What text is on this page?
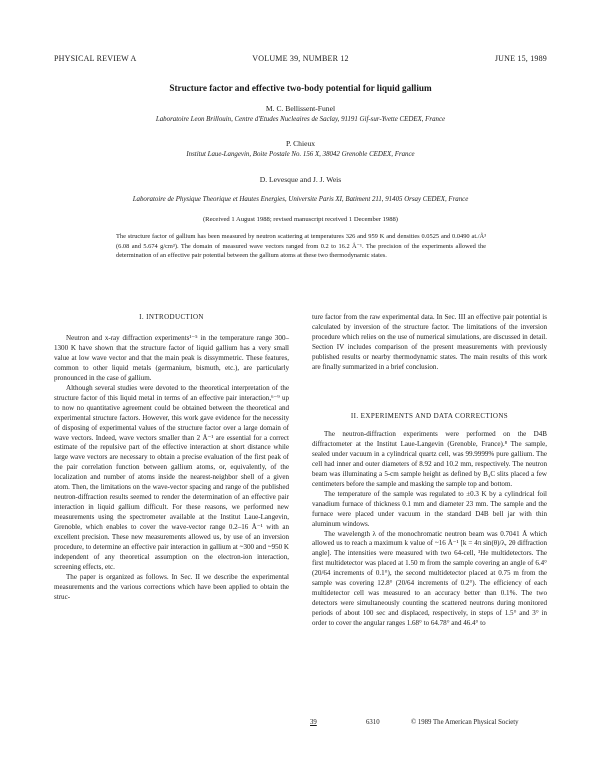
PHYSICAL REVIEW A	VOLUME 39, NUMBER 12	JUNE 15, 1989
Structure factor and effective two-body potential for liquid gallium
M. C. Bellissent-Funel
Laboratoire Leon Brillouin, Centre d'Etudes Nucleaires de Saclay, 91191 Gif-sur-Yvette CEDEX, France
P. Chieux
Institut Laue-Langevin, Boite Postale No. 156 X, 38042 Grenoble CEDEX, France
D. Levesque and J. J. Weis
Laboratoire de Physique Theorique et Hautes Energies, Universite Paris XI, Batiment 211, 91405 Orsay CEDEX, France
(Received 1 August 1988; revised manuscript received 1 December 1988)

The structure factor of gallium has been measured by neutron scattering at temperatures 326 and 959 K and densities 0.0525 and 0.0490 at./Å³ (6.08 and 5.674 g/cm³). The domain of measured wave vectors ranged from 0.2 to 16.2 Å⁻¹. The precision of the experiments allowed the determination of an effective pair potential between the gallium atoms at these two thermodynamic states.

I. INTRODUCTION

Neutron and x-ray diffraction experiments¹⁻⁵ in the temperature range 300–1300 K have shown that the structure factor of liquid gallium has a very small value at low wave vector and that the main peak is dissymmetric. These features, common to other liquid metals (germanium, bismuth, etc.), are particularly pronounced in the case of gallium.

Although several studies were devoted to the theoretical interpretation of the structure factor of this liquid metal in terms of an effective pair interaction,⁶⁻⁹ up to now no quantitative agreement could be obtained between the theoretical and experimental structure factors. However, this work gave evidence for the necessity of disposing of experimental values of the structure factor over a large domain of wave vectors. Indeed, wave vectors smaller than 2 Å⁻¹ are essential for a correct estimate of the repulsive part of the effective interaction at short distance while large wave vectors are necessary to obtain a precise evaluation of the first peak of the pair correlation function between gallium atoms, or, equivalently, of the localization and number of atoms inside the nearest-neighbor shell of a given atom. Then, the limitations on the wave-vector spacing and range of the published neutron-diffraction results seemed to render the determination of an effective pair interaction in liquid gallium difficult. For these reasons, we performed new measurements using the spectrometer available at the Institut Laue-Langevin, Grenoble, which enables to cover the wave-vector range 0.2–16 Å⁻¹ with an excellent precision. These new measurements allowed us, by use of an inversion procedure, to determine an effective pair interaction in gallium at ~300 and ~950 K independent of any theoretical assumption on the electron-ion interaction, screening effects, etc.

The paper is organized as follows. In Sec. II we describe the experimental measurements and the various corrections which have been applied to obtain the struc-

ture factor from the raw experimental data. In Sec. III an effective pair potential is calculated by inversion of the structure factor. The limitations of the inversion procedure which relies on the use of numerical simulations, are discussed in detail. Section IV includes comparison of the present measurements with previously published results or nearby thermodynamic states. The main results of this work are finally summarized in a brief conclusion.

II. EXPERIMENTS AND DATA CORRECTIONS

The neutron-diffraction experiments were performed on the D4B diffractometer at the Institut Laue-Langevin (Grenoble, France).⁸ The sample, sealed under vacuum in a cylindrical quartz cell, was 99.9999% pure gallium. The cell had inner and outer diameters of 8.92 and 10.2 mm, respectively. The neutron beam was illuminating a 5-cm sample height as defined by B₄C slits placed a few centimeters before the sample and masking the sample top and bottom.

The temperature of the sample was regulated to ±0.3 K by a cylindrical foil vanadium furnace of thickness 0.1 mm and diameter 23 mm. The sample and the furnace were placed under vacuum in the standard D4B bell jar with thin aluminum windows.

The wavelength λ of the monochromatic neutron beam was 0.7041 Å which allowed us to reach a maximum k value of ~16 Å⁻¹ [k = 4π sin(θ)/λ, 2θ diffraction angle]. The intensities were measured with two 64-cell, ³He multidetectors. The first multidetector was placed at 1.50 m from the sample covering an angle of 6.4° (20/64 increments of 0.1°), the second multidetector placed at 0.75 m from the sample was covering 12.8° (20/64 increments of 0.2°). The efficiency of each multidetector cell was measured to an accuracy better than 0.1%. The two detectors were simultaneously counting the scattered neutrons during monitored periods of about 100 sec and displaced, respectively, in steps of 1.5° and 3° in order to cover the angular ranges 1.68° to 64.78° and 46.4° to

39	6310	© 1989 The American Physical Society
